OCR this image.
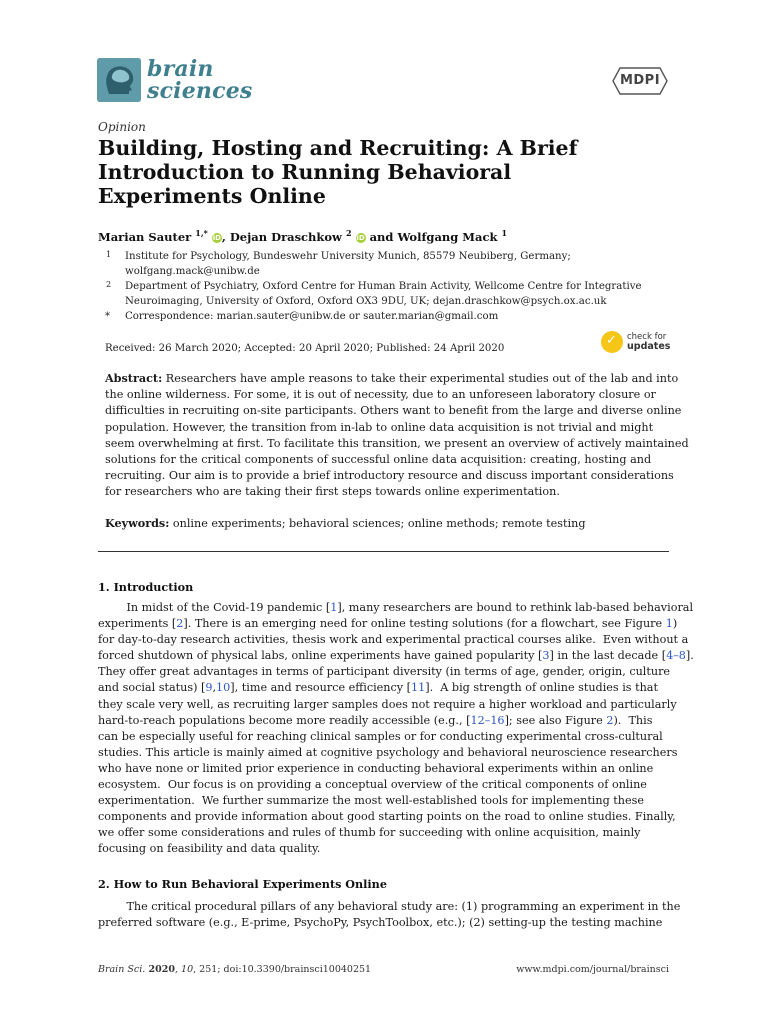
brain
sciences	MDPI
Opinion
Building, Hosting and Recruiting: A Brief
Introduction to Running Behavioral
Experiments Online
Marian Sauter $^{1,*}$ iD, Dejan Draschkow $^2$ iD and Wolfgang Mack $^1$
1 Institute for Psychology, Bundeswehr University Munich, 85579 Neubiberg, Germany;
wolfgang.mack@unibw.de
2 Department of Psychiatry, Oxford Centre for Human Brain Activity, Wellcome Centre for Integrative
Neuroimaging, University of Oxford, Oxford OX3 9DU, UK; dejan.draschkow@psych.ox.ac.uk
* Correspondence: marian.sauter@unibw.de or sauter.marian@gmail.com
Received: 26 March 2020; Accepted: 20 April 2020; Published: 24 April 2020
✓ check for
updates
Abstract: Researchers have ample reasons to take their experimental studies out of the lab and into
the online wilderness. For some, it is out of necessity, due to an unforeseen laboratory closure or
difficulties in recruiting on-site participants. Others want to benefit from the large and diverse online
population. However, the transition from in-lab to online data acquisition is not trivial and might
seem overwhelming at first. To facilitate this transition, we present an overview of actively maintained
solutions for the critical components of successful online data acquisition: creating, hosting and
recruiting. Our aim is to provide a brief introductory resource and discuss important considerations
for researchers who are taking their first steps towards online experimentation.
Keywords: online experiments; behavioral sciences; online methods; remote testing
1. Introduction
In midst of the Covid-19 pandemic [1], many researchers are bound to rethink lab-based behavioral
experiments [2]. There is an emerging need for online testing solutions (for a flowchart, see Figure 1)
for day-to-day research activities, thesis work and experimental practical courses alike.  Even without a
forced shutdown of physical labs, online experiments have gained popularity [3] in the last decade [4–8].
They offer great advantages in terms of participant diversity (in terms of age, gender, origin, culture
and social status) [9,10], time and resource efficiency [11].  A big strength of online studies is that
they scale very well, as recruiting larger samples does not require a higher workload and particularly
hard-to-reach populations become more readily accessible (e.g., [12–16]; see also Figure 2).  This
can be especially useful for reaching clinical samples or for conducting experimental cross-cultural
studies. This article is mainly aimed at cognitive psychology and behavioral neuroscience researchers
who have none or limited prior experience in conducting behavioral experiments within an online
ecosystem.  Our focus is on providing a conceptual overview of the critical components of online
experimentation.  We further summarize the most well-established tools for implementing these
components and provide information about good starting points on the road to online studies. Finally,
we offer some considerations and rules of thumb for succeeding with online acquisition, mainly
focusing on feasibility and data quality.
2. How to Run Behavioral Experiments Online
The critical procedural pillars of any behavioral study are: (1) programming an experiment in the
preferred software (e.g., E-prime, PsychoPy, PsychToolbox, etc.); (2) setting-up the testing machine
Brain Sci. 2020, 10, 251; doi:10.3390/brainsci10040251	www.mdpi.com/journal/brainsci
